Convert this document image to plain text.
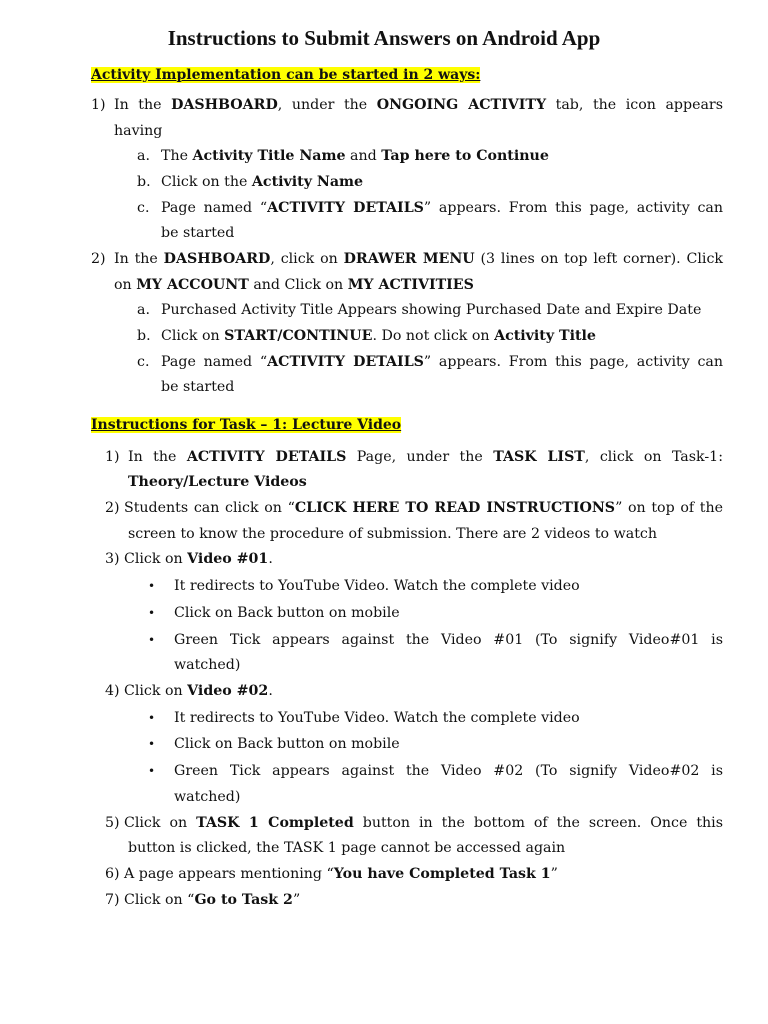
Instructions to Submit Answers on Android App
Activity Implementation can be started in 2 ways:
1) In the DASHBOARD, under the ONGOING ACTIVITY tab, the icon appears
having
a. The Activity Title Name and Tap here to Continue
b. Click on the Activity Name
c. Page named “ACTIVITY DETAILS” appears. From this page, activity can
be started
2) In the DASHBOARD, click on DRAWER MENU (3 lines on top left corner). Click
on MY ACCOUNT and Click on MY ACTIVITIES
a. Purchased Activity Title Appears showing Purchased Date and Expire Date
b. Click on START/CONTINUE. Do not click on Activity Title
c. Page named “ACTIVITY DETAILS” appears. From this page, activity can
be started
Instructions for Task – 1: Lecture Video
1) In the ACTIVITY DETAILS Page, under the TASK LIST, click on Task-1:
Theory/Lecture Videos
2) Students can click on “CLICK HERE TO READ INSTRUCTIONS” on top of the
screen to know the procedure of submission. There are 2 videos to watch
3) Click on Video #01.
• It redirects to YouTube Video. Watch the complete video
• Click on Back button on mobile
• Green Tick appears against the Video #01 (To signify Video#01 is
watched)
4) Click on Video #02.
• It redirects to YouTube Video. Watch the complete video
• Click on Back button on mobile
• Green Tick appears against the Video #02 (To signify Video#02 is
watched)
5) Click on TASK 1 Completed button in the bottom of the screen. Once this
button is clicked, the TASK 1 page cannot be accessed again
6) A page appears mentioning “You have Completed Task 1”
7) Click on “Go to Task 2”
